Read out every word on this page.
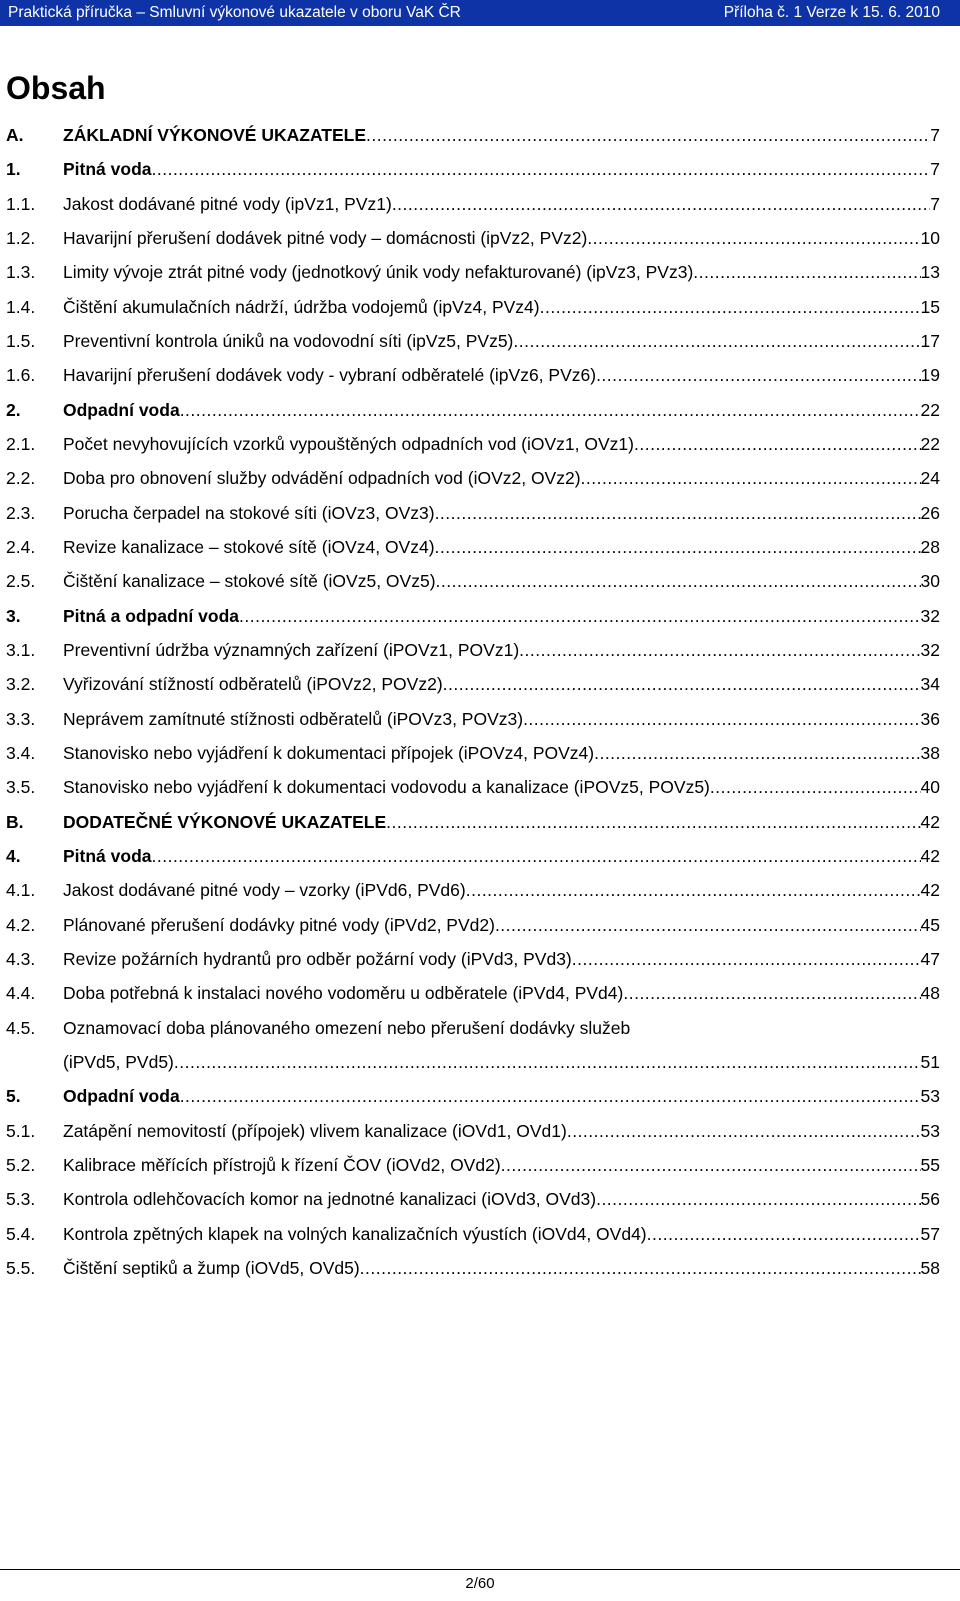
Praktická příručka – Smluvní výkonové ukazatele v oboru VaK ČR	Příloha č. 1 Verze k 15. 6. 2010
Obsah
A. ZÁKLADNÍ VÝKONOVÉ UKAZATELE .....	7
1. Pitná voda .....	7
1.1. Jakost dodávané pitné vody (ipVz1, PVz1) .....	7
1.2. Havarijní přerušení dodávek pitné vody – domácnosti (ipVz2, PVz2) .....	10
1.3. Limity vývoje ztrát pitné vody (jednotkový únik vody nefakturované) (ipVz3, PVz3) .....	13
1.4. Čištění akumulačních nádrží, údržba vodojemů (ipVz4, PVz4) .....	15
1.5. Preventivní kontrola úniků na vodovodní síti (ipVz5, PVz5) .....	17
1.6. Havarijní přerušení dodávek vody - vybraní odběratelé (ipVz6, PVz6) .....	19
2. Odpadní voda .....	22
2.1. Počet nevyhovujících vzorků vypouštěných odpadních vod (iOVz1, OVz1) .....	22
2.2. Doba pro obnovení služby odvádění odpadních vod (iOVz2, OVz2) .....	24
2.3. Porucha čerpadel na stokové síti (iOVz3, OVz3) .....	26
2.4. Revize kanalizace – stokové sítě (iOVz4, OVz4) .....	28
2.5. Čištění kanalizace – stokové sítě (iOVz5, OVz5) .....	30
3. Pitná a odpadní voda .....	32
3.1. Preventivní údržba významných zařízení (iPOVz1, POVz1) .....	32
3.2. Vyřizování stížností odběratelů (iPOVz2, POVz2) .....	34
3.3. Neprávem zamítnuté stížnosti odběratelů (iPOVz3, POVz3) .....	36
3.4. Stanovisko nebo vyjádření k dokumentaci přípojek (iPOVz4, POVz4) .....	38
3.5. Stanovisko nebo vyjádření k dokumentaci vodovodu a kanalizace (iPOVz5, POVz5) .....	40
B. DODATEČNÉ VÝKONOVÉ UKAZATELE .....	42
4. Pitná voda .....	42
4.1. Jakost dodávané pitné vody – vzorky (iPVd6, PVd6) .....	42
4.2. Plánované přerušení dodávky pitné vody (iPVd2, PVd2) .....	45
4.3. Revize požárních hydrantů pro odběr požární vody (iPVd3, PVd3) .....	47
4.4. Doba potřebná k instalaci nového vodoměru u odběratele (iPVd4, PVd4) .....	48
4.5. Oznamovací doba plánovaného omezení nebo přerušení dodávky služeb
(iPVd5, PVd5) .....	51
5. Odpadní voda .....	53
5.1. Zatápění nemovitostí (přípojek) vlivem kanalizace (iOVd1, OVd1) .....	53
5.2. Kalibrace měřících přístrojů k řízení ČOV (iOVd2, OVd2) .....	55
5.3. Kontrola odlehčovacích komor na jednotné kanalizaci (iOVd3, OVd3) .....	56
5.4. Kontrola zpětných klapek na volných kanalizačních výustích (iOVd4, OVd4) .....	57
5.5. Čištění septiků a žump (iOVd5, OVd5) .....	58
2/60
